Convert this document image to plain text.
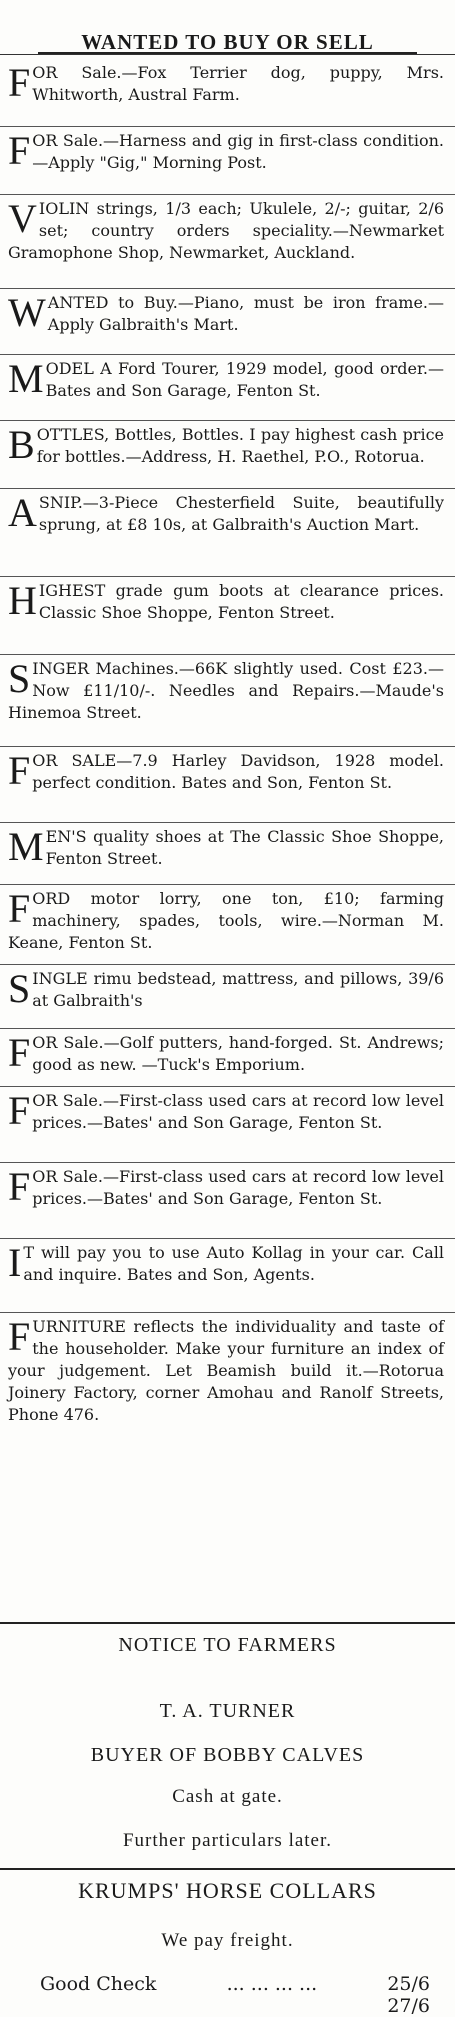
WANTED TO BUY OR SELL
FOR Sale.—Fox Terrier dog, puppy, Mrs. Whitworth, Austral Farm.
FOR Sale.—Harness and gig in first-class condition.—Apply "Gig," Morning Post.
VIOLIN strings, 1/3 each; Ukulele, 2/-; guitar, 2/6 set; country orders speciality.—Newmarket Gramophone Shop, Newmarket, Auckland.
WANTED to Buy.—Piano, must be iron frame.—Apply Galbraith's Mart.
MODEL A Ford Tourer, 1929 model, good order.—Bates and Son Garage, Fenton St.
BOTTLES, Bottles, Bottles. I pay highest cash price for bottles.—Address, H. Raethel, P.O., Rotorua.
ASNIP.—3-Piece Chesterfield Suite, beautifully sprung, at £8 10s, at Galbraith's Auction Mart.
HIGHEST grade gum boots at clearance prices. Classic Shoe Shoppe, Fenton Street.
SINGER Machines.—66K slightly used. Cost £23.—Now £11/10/-. Needles and Repairs.—Maude's Hinemoa Street.
FOR SALE—7.9 Harley Davidson, 1928 model. perfect condition. Bates and Son, Fenton St.
MEN'S quality shoes at The Classic Shoe Shoppe, Fenton Street.
FORD motor lorry, one ton, £10; farming machinery, spades, tools, wire.—Norman M. Keane, Fenton St.
SINGLE rimu bedstead, mattress, and pillows, 39/6 at Galbraith's
FOR Sale.—Golf putters, hand-forged. St. Andrews; good as new. —Tuck's Emporium.
FOR Sale.—First-class used cars at record low level prices.—Bates' and Son Garage, Fenton St.
FOR Sale.—First-class used cars at record low level prices.—Bates' and Son Garage, Fenton St.
I T will pay you to use Auto Kollag in your car. Call and inquire. Bates and Son, Agents.
FURNITURE reflects the individuality and taste of the householder. Make your furniture an index of your judgement. Let Beamish build it.—Rotorua Joinery Factory, corner Amohau and Ranolf Streets, Phone 476.
NOTICE TO FARMERS
T. A. TURNER
BUYER OF BOBBY CALVES
Cash at gate.
Further particulars later.
KRUMPS' HORSE COLLARS
We pay freight.
Good Check	... ... ... ...	25/6
27/6
